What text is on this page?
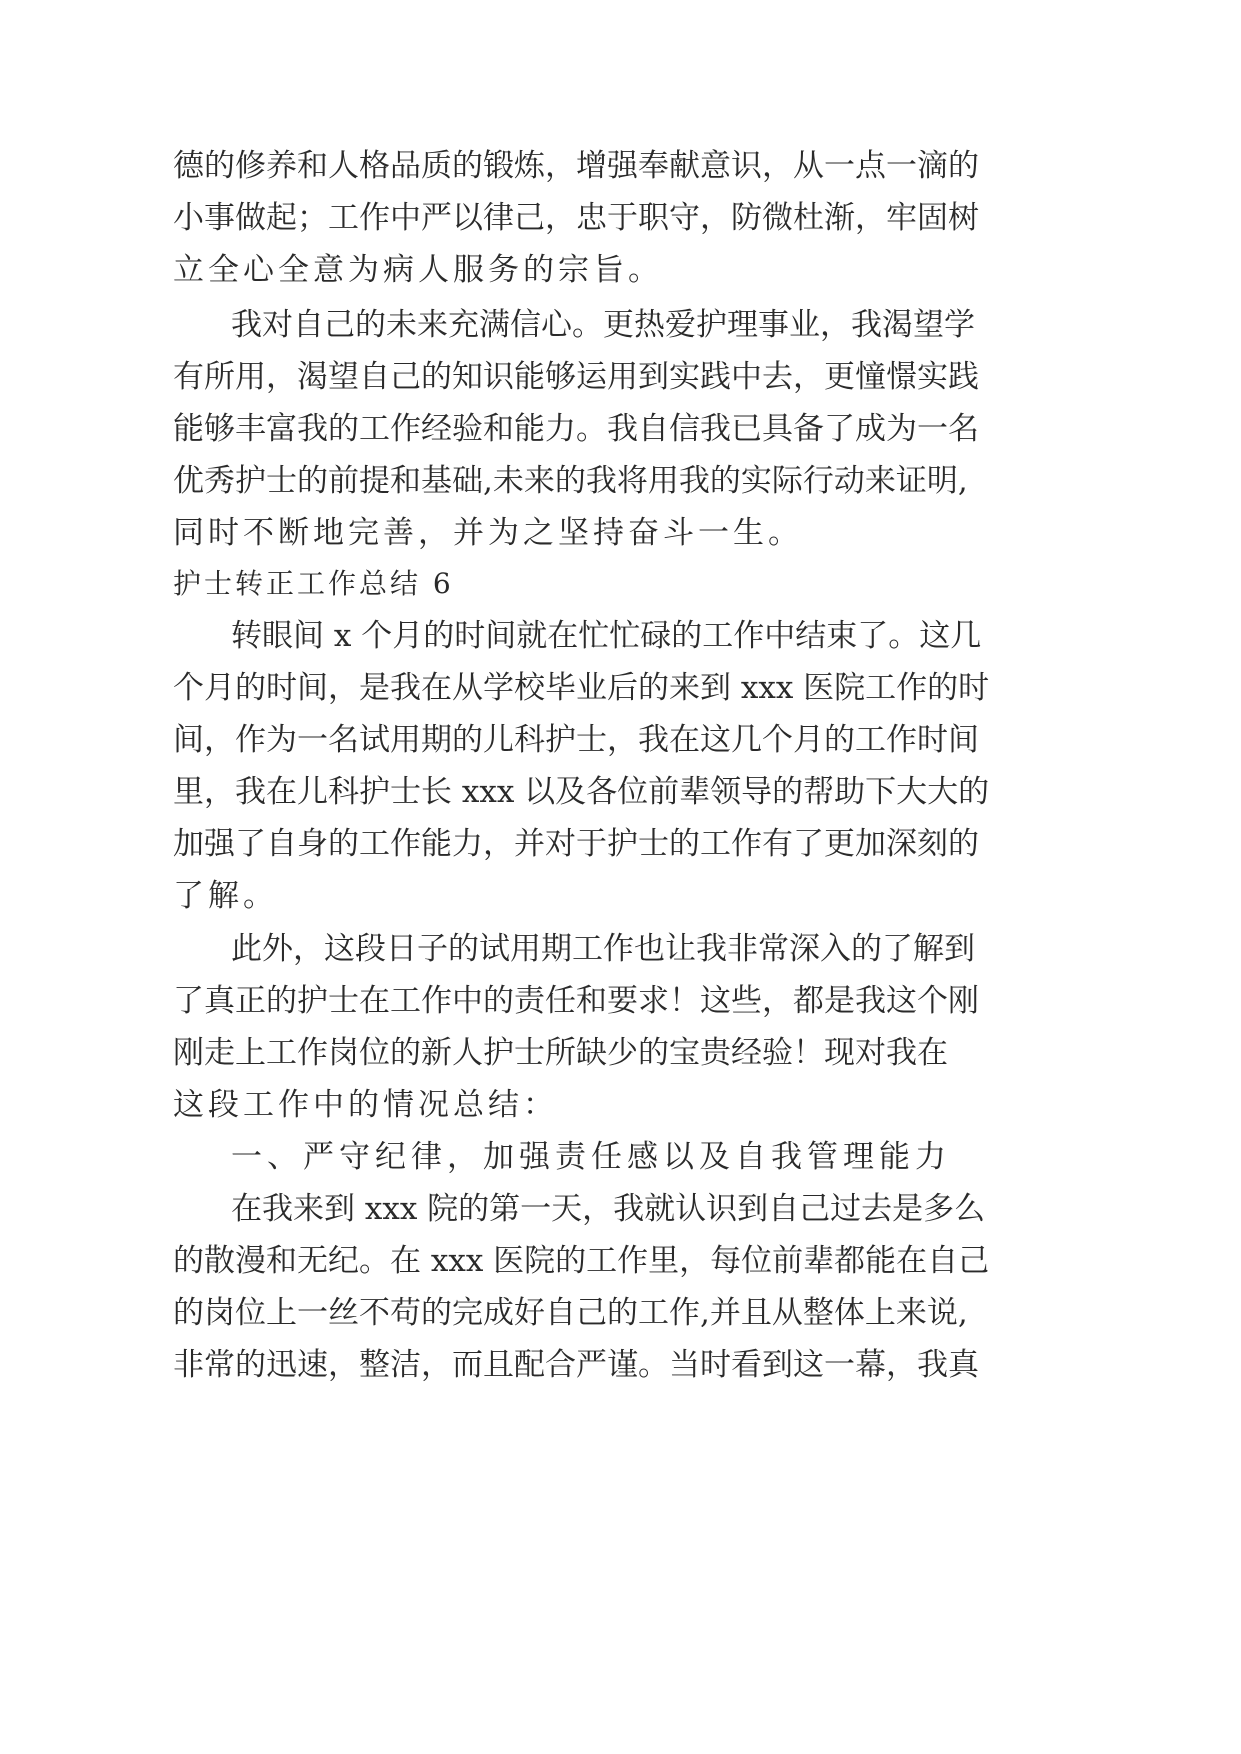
德的修养和人格品质的锻炼，增强奉献意识，从一点一滴的
小事做起；工作中严以律己，忠于职守，防微杜渐，牢固树
立全心全意为病人服务的宗旨。
我对自己的未来充满信心。更热爱护理事业，我渴望学
有所用，渴望自己的知识能够运用到实践中去，更憧憬实践
能够丰富我的工作经验和能力。我自信我已具备了成为一名
优秀护士的前提和基础,未来的我将用我的实际行动来证明,
同时不断地完善，并为之坚持奋斗一生。
护士转正工作总结 6
转眼间 x 个月的时间就在忙忙碌的工作中结束了。这几
个月的时间，是我在从学校毕业后的来到 xxx 医院工作的时
间，作为一名试用期的儿科护士，我在这几个月的工作时间
里，我在儿科护士长 xxx 以及各位前辈领导的帮助下大大的
加强了自身的工作能力，并对于护士的工作有了更加深刻的
了解。
此外，这段日子的试用期工作也让我非常深入的了解到
了真正的护士在工作中的责任和要求！这些，都是我这个刚
刚走上工作岗位的新人护士所缺少的宝贵经验！现对我在
这段工作中的情况总结：
一、严守纪律，加强责任感以及自我管理能力
在我来到 xxx 院的第一天，我就认识到自己过去是多么
的散漫和无纪。在 xxx 医院的工作里，每位前辈都能在自己
的岗位上一丝不苟的完成好自己的工作,并且从整体上来说,
非常的迅速，整洁，而且配合严谨。当时看到这一幕，我真
